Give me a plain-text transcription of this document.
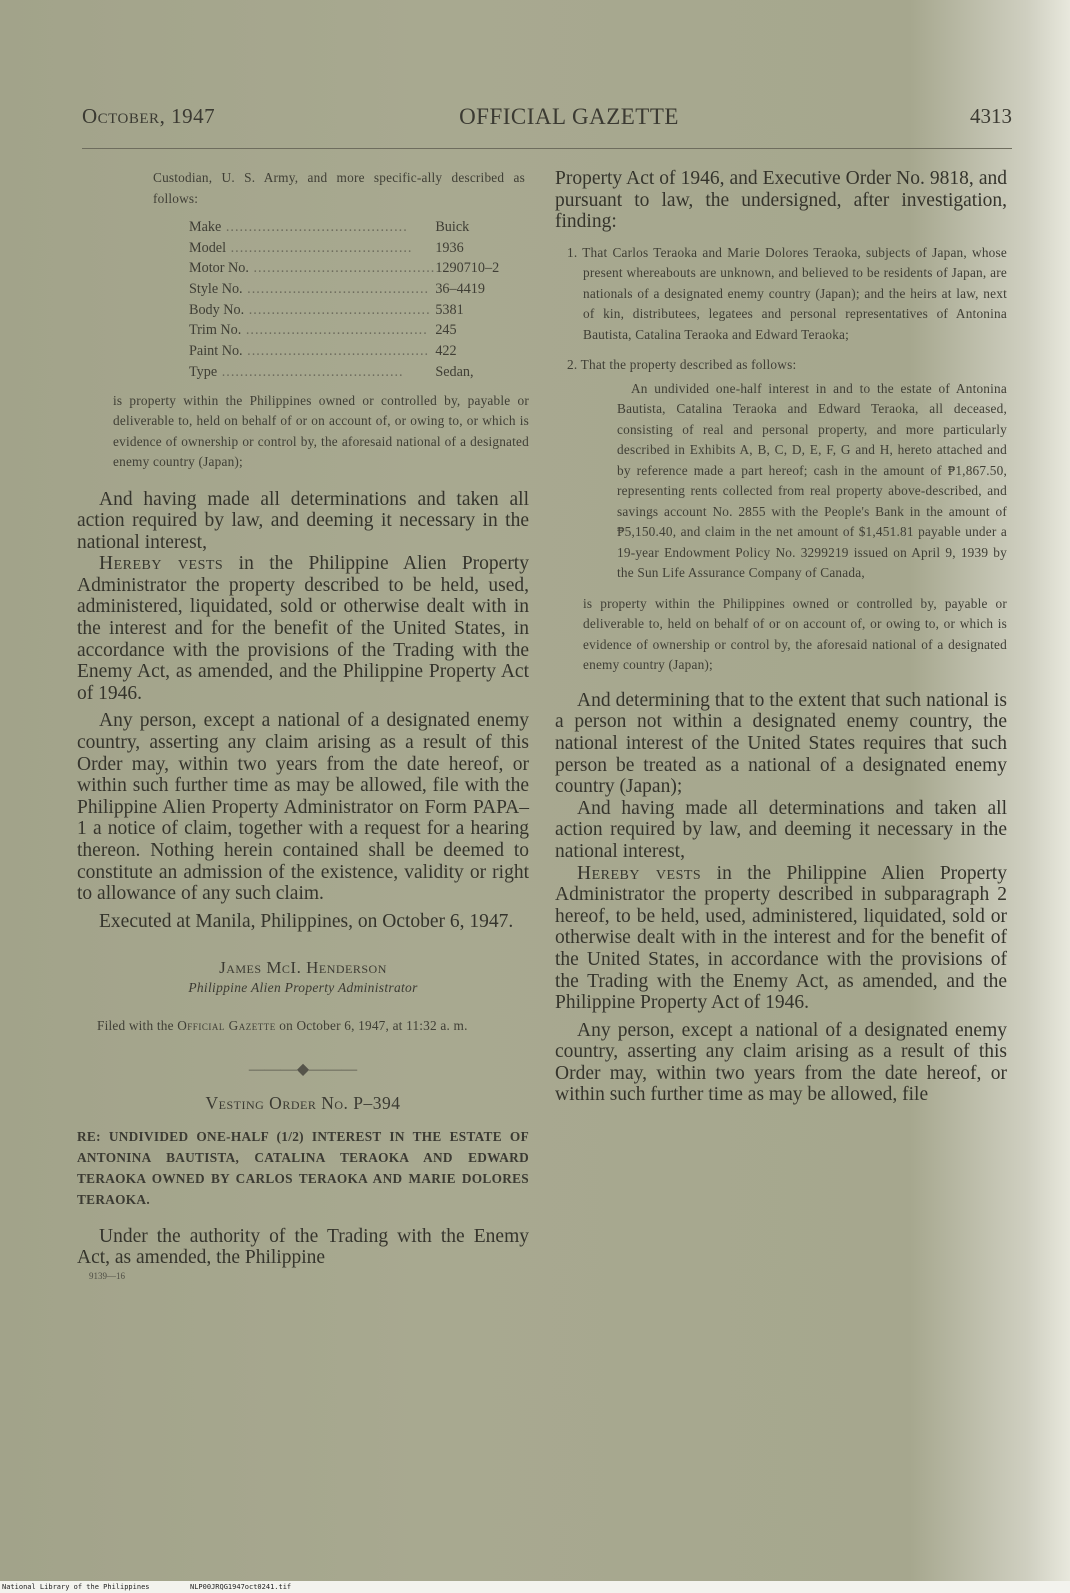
October, 1947	OFFICIAL GAZETTE	4313

Custodian, U. S. Army, and more specific-ally described as follows:

Make ........................................	Buick
Model ........................................	1936
Motor No. ........................................	1290710–2
Style No. ........................................	36–4419
Body No. ........................................	5381
Trim No. ........................................	245
Paint No. ........................................	422
Type ........................................	Sedan,

is property within the Philippines owned or controlled by, payable or deliverable to, held on behalf of or on account of, or owing to, or which is evidence of ownership or control by, the aforesaid national of a designated enemy country (Japan);

And having made all determinations and taken all action required by law, and deeming it necessary in the national interest,

Hereby vests in the Philippine Alien Property Administrator the property described to be held, used, administered, liquidated, sold or otherwise dealt with in the interest and for the benefit of the United States, in accordance with the provisions of the Trading with the Enemy Act, as amended, and the Philippine Property Act of 1946.

Any person, except a national of a designated enemy country, asserting any claim arising as a result of this Order may, within two years from the date hereof, or within such further time as may be allowed, file with the Philippine Alien Property Administrator on Form PAPA–1 a notice of claim, together with a request for a hearing thereon. Nothing herein contained shall be deemed to constitute an admission of the existence, validity or right to allowance of any such claim.

Executed at Manila, Philippines, on October 6, 1947.

James McI. Henderson
Philippine Alien Property Administrator

Filed with the Official Gazette on October 6, 1947, at 11:32 a. m.

———◆———
Vesting Order No. P–394

RE: UNDIVIDED ONE-HALF (1/2) INTEREST IN THE ESTATE OF ANTONINA BAUTISTA, CATALINA TERAOKA AND EDWARD TERAOKA OWNED BY CARLOS TERAOKA AND MARIE DOLORES TERAOKA.

Under the authority of the Trading with the Enemy Act, as amended, the Philippine

9139—16

Property Act of 1946, and Executive Order No. 9818, and pursuant to law, the undersigned, after investigation, finding:

1. That Carlos Teraoka and Marie Dolores Teraoka, subjects of Japan, whose present whereabouts are unknown, and believed to be residents of Japan, are nationals of a designated enemy country (Japan); and the heirs at law, next of kin, distributees, legatees and personal representatives of Antonina Bautista, Catalina Teraoka and Edward Teraoka;

2. That the property described as follows:

An undivided one-half interest in and to the estate of Antonina Bautista, Catalina Teraoka and Edward Teraoka, all deceased, consisting of real and personal property, and more particularly described in Exhibits A, B, C, D, E, F, G and H, hereto attached and by reference made a part hereof; cash in the amount of ₱1,867.50, representing rents collected from real property above-described, and savings account No. 2855 with the People's Bank in the amount of ₱5,150.40, and claim in the net amount of $1,451.81 payable under a 19-year Endowment Policy No. 3299219 issued on April 9, 1939 by the Sun Life Assurance Company of Canada,

is property within the Philippines owned or controlled by, payable or deliverable to, held on behalf of or on account of, or owing to, or which is evidence of ownership or control by, the aforesaid national of a designated enemy country (Japan);

And determining that to the extent that such national is a person not within a designated enemy country, the national interest of the United States requires that such person be treated as a national of a designated enemy country (Japan);

And having made all determinations and taken all action required by law, and deeming it necessary in the national interest,

Hereby vests in the Philippine Alien Property Administrator the property described in subparagraph 2 hereof, to be held, used, administered, liquidated, sold or otherwise dealt with in the interest and for the benefit of the United States, in accordance with the provisions of the Trading with the Enemy Act, as amended, and the Philippine Property Act of 1946.

Any person, except a national of a designated enemy country, asserting any claim arising as a result of this Order may, within two years from the date hereof, or within such further time as may be allowed, file

National Library of the Philippines	NLP00JRQG1947oct0241.tif
